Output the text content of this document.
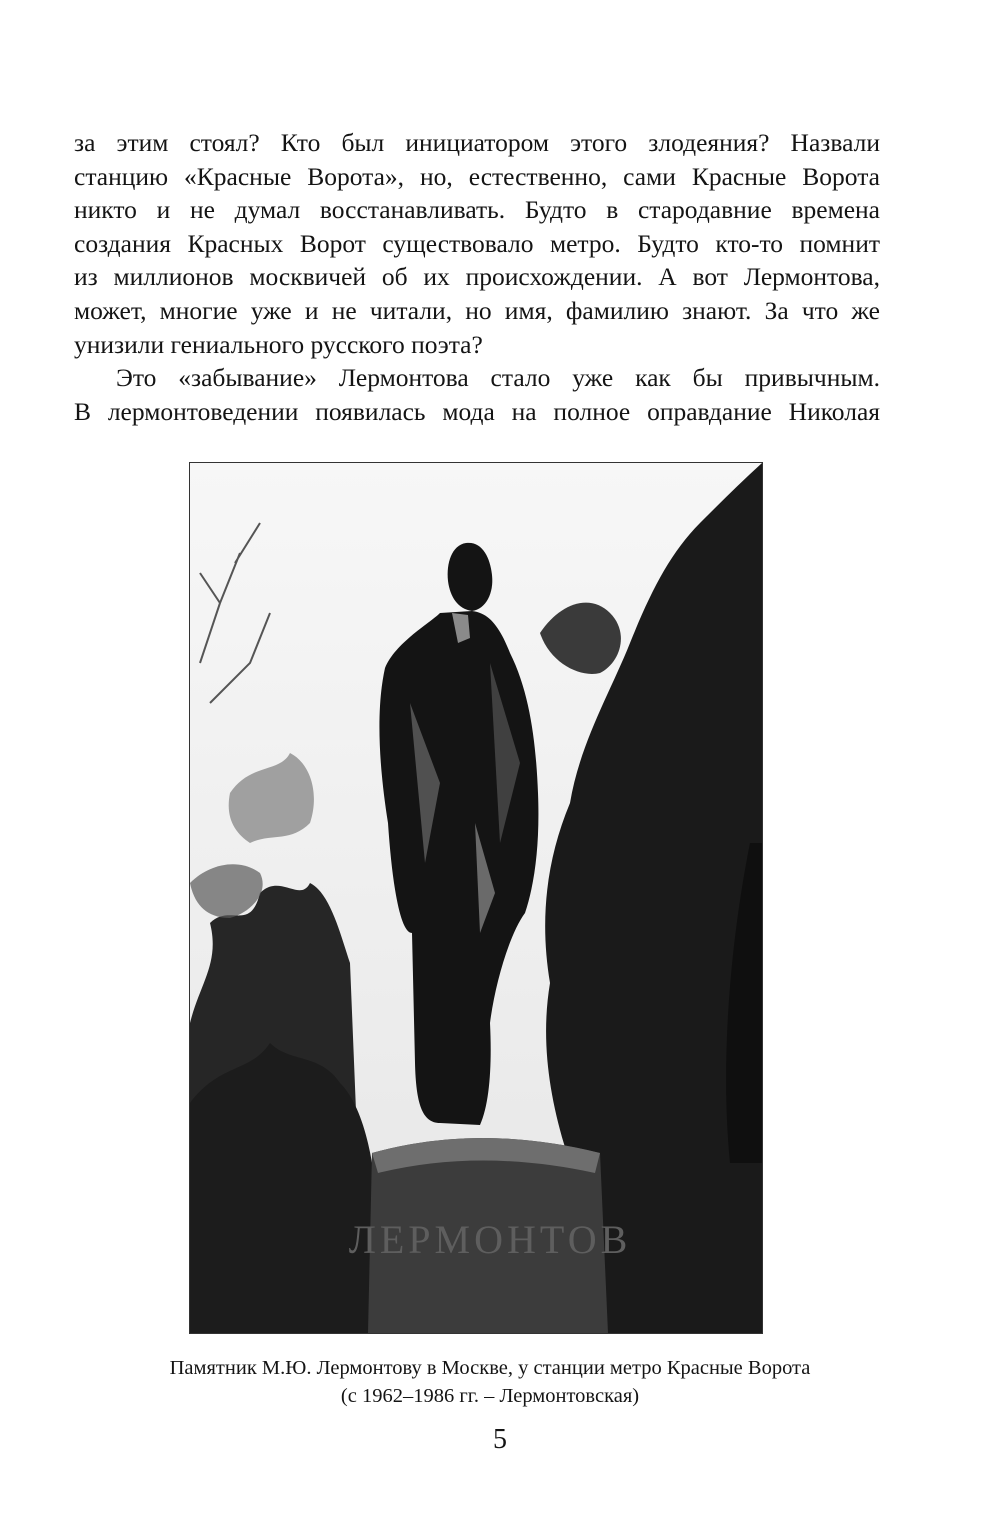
за этим стоял? Кто был инициатором этого злодеяния? Назвали
станцию «Красные Ворота», но, естественно, сами Красные Ворота
никто и не думал восстанавливать. Будто в стародавние времена
создания Красных Ворот существовало метро. Будто кто-то помнит
из миллионов москвичей об их происхождении. А вот Лермонтова,
может, многие уже и не читали, но имя, фамилию знают. За что же
унизили гениального русского поэта?
Это «забывание» Лермонтова стало уже как бы привычным.
В лермонтоведении появилась мода на полное оправдание Николая
ЛЕРМОНТОВ
Памятник М.Ю. Лермонтову в Москве, у станции метро Красные Ворота
(с 1962–1986 гг. – Лермонтовская)
5
